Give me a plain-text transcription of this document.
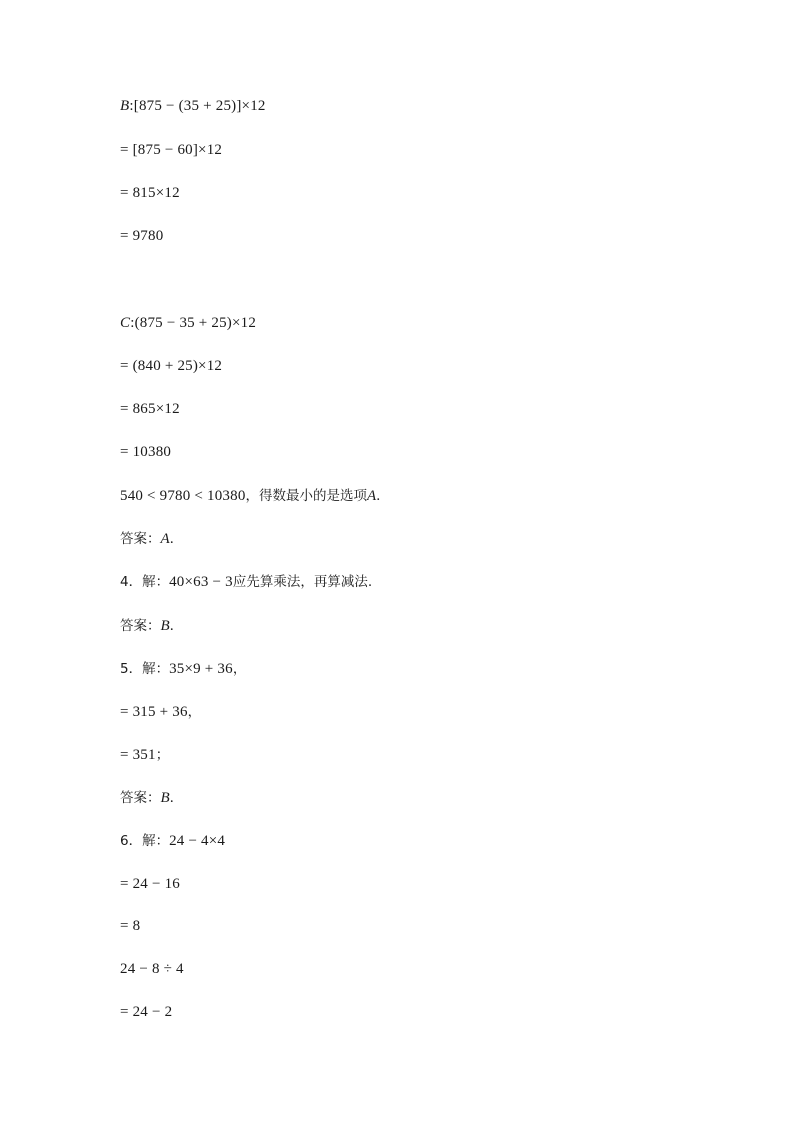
B:[875 − (35 + 25)]×12
= [875 − 60]×12
= 815×12
= 9780
C:(875 − 35 + 25)×12
= (840 + 25)×12
= 865×12
= 10380
540 < 9780 < 10380，得数最小的是选项A.
答案：A.
4．解：40×63 − 3应先算乘法，再算减法.
答案：B.
5．解：35×9 + 36，
= 315 + 36，
= 351；
答案：B.
6．解：24 − 4×4
= 24 − 16
= 8
24 − 8 ÷ 4
= 24 − 2
